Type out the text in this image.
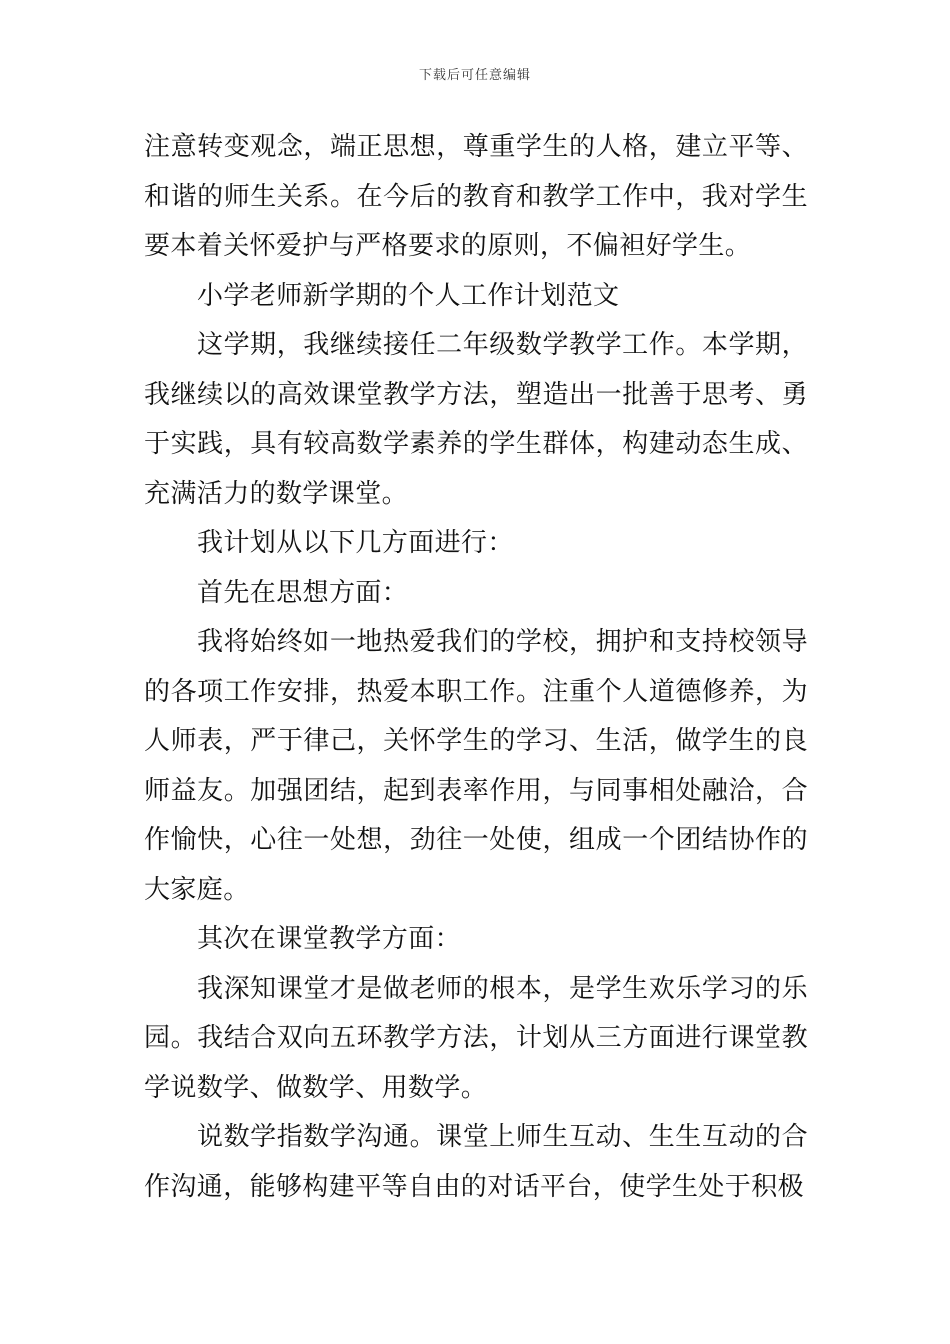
下载后可任意编辑

注意转变观念，端正思想，尊重学生的人格，建立平等、和谐的师生关系。在今后的教育和教学工作中，我对学生要本着关怀爱护与严格要求的原则，不偏袒好学生。

小学老师新学期的个人工作计划范文

这学期，我继续接任二年级数学教学工作。本学期，我继续以的高效课堂教学方法，塑造出一批善于思考、勇于实践，具有较高数学素养的学生群体，构建动态生成、充满活力的数学课堂。

我计划从以下几方面进行：

首先在思想方面：

我将始终如一地热爱我们的学校，拥护和支持校领导的各项工作安排，热爱本职工作。注重个人道德修养，为人师表，严于律己，关怀学生的学习、生活，做学生的良师益友。加强团结，起到表率作用，与同事相处融洽，合作愉快，心往一处想，劲往一处使，组成一个团结协作的大家庭。

其次在课堂教学方面：

我深知课堂才是做老师的根本，是学生欢乐学习的乐园。我结合双向五环教学方法，计划从三方面进行课堂教学说数学、做数学、用数学。

说数学指数学沟通。课堂上师生互动、生生互动的合作沟通，能够构建平等自由的对话平台，使学生处于积极
